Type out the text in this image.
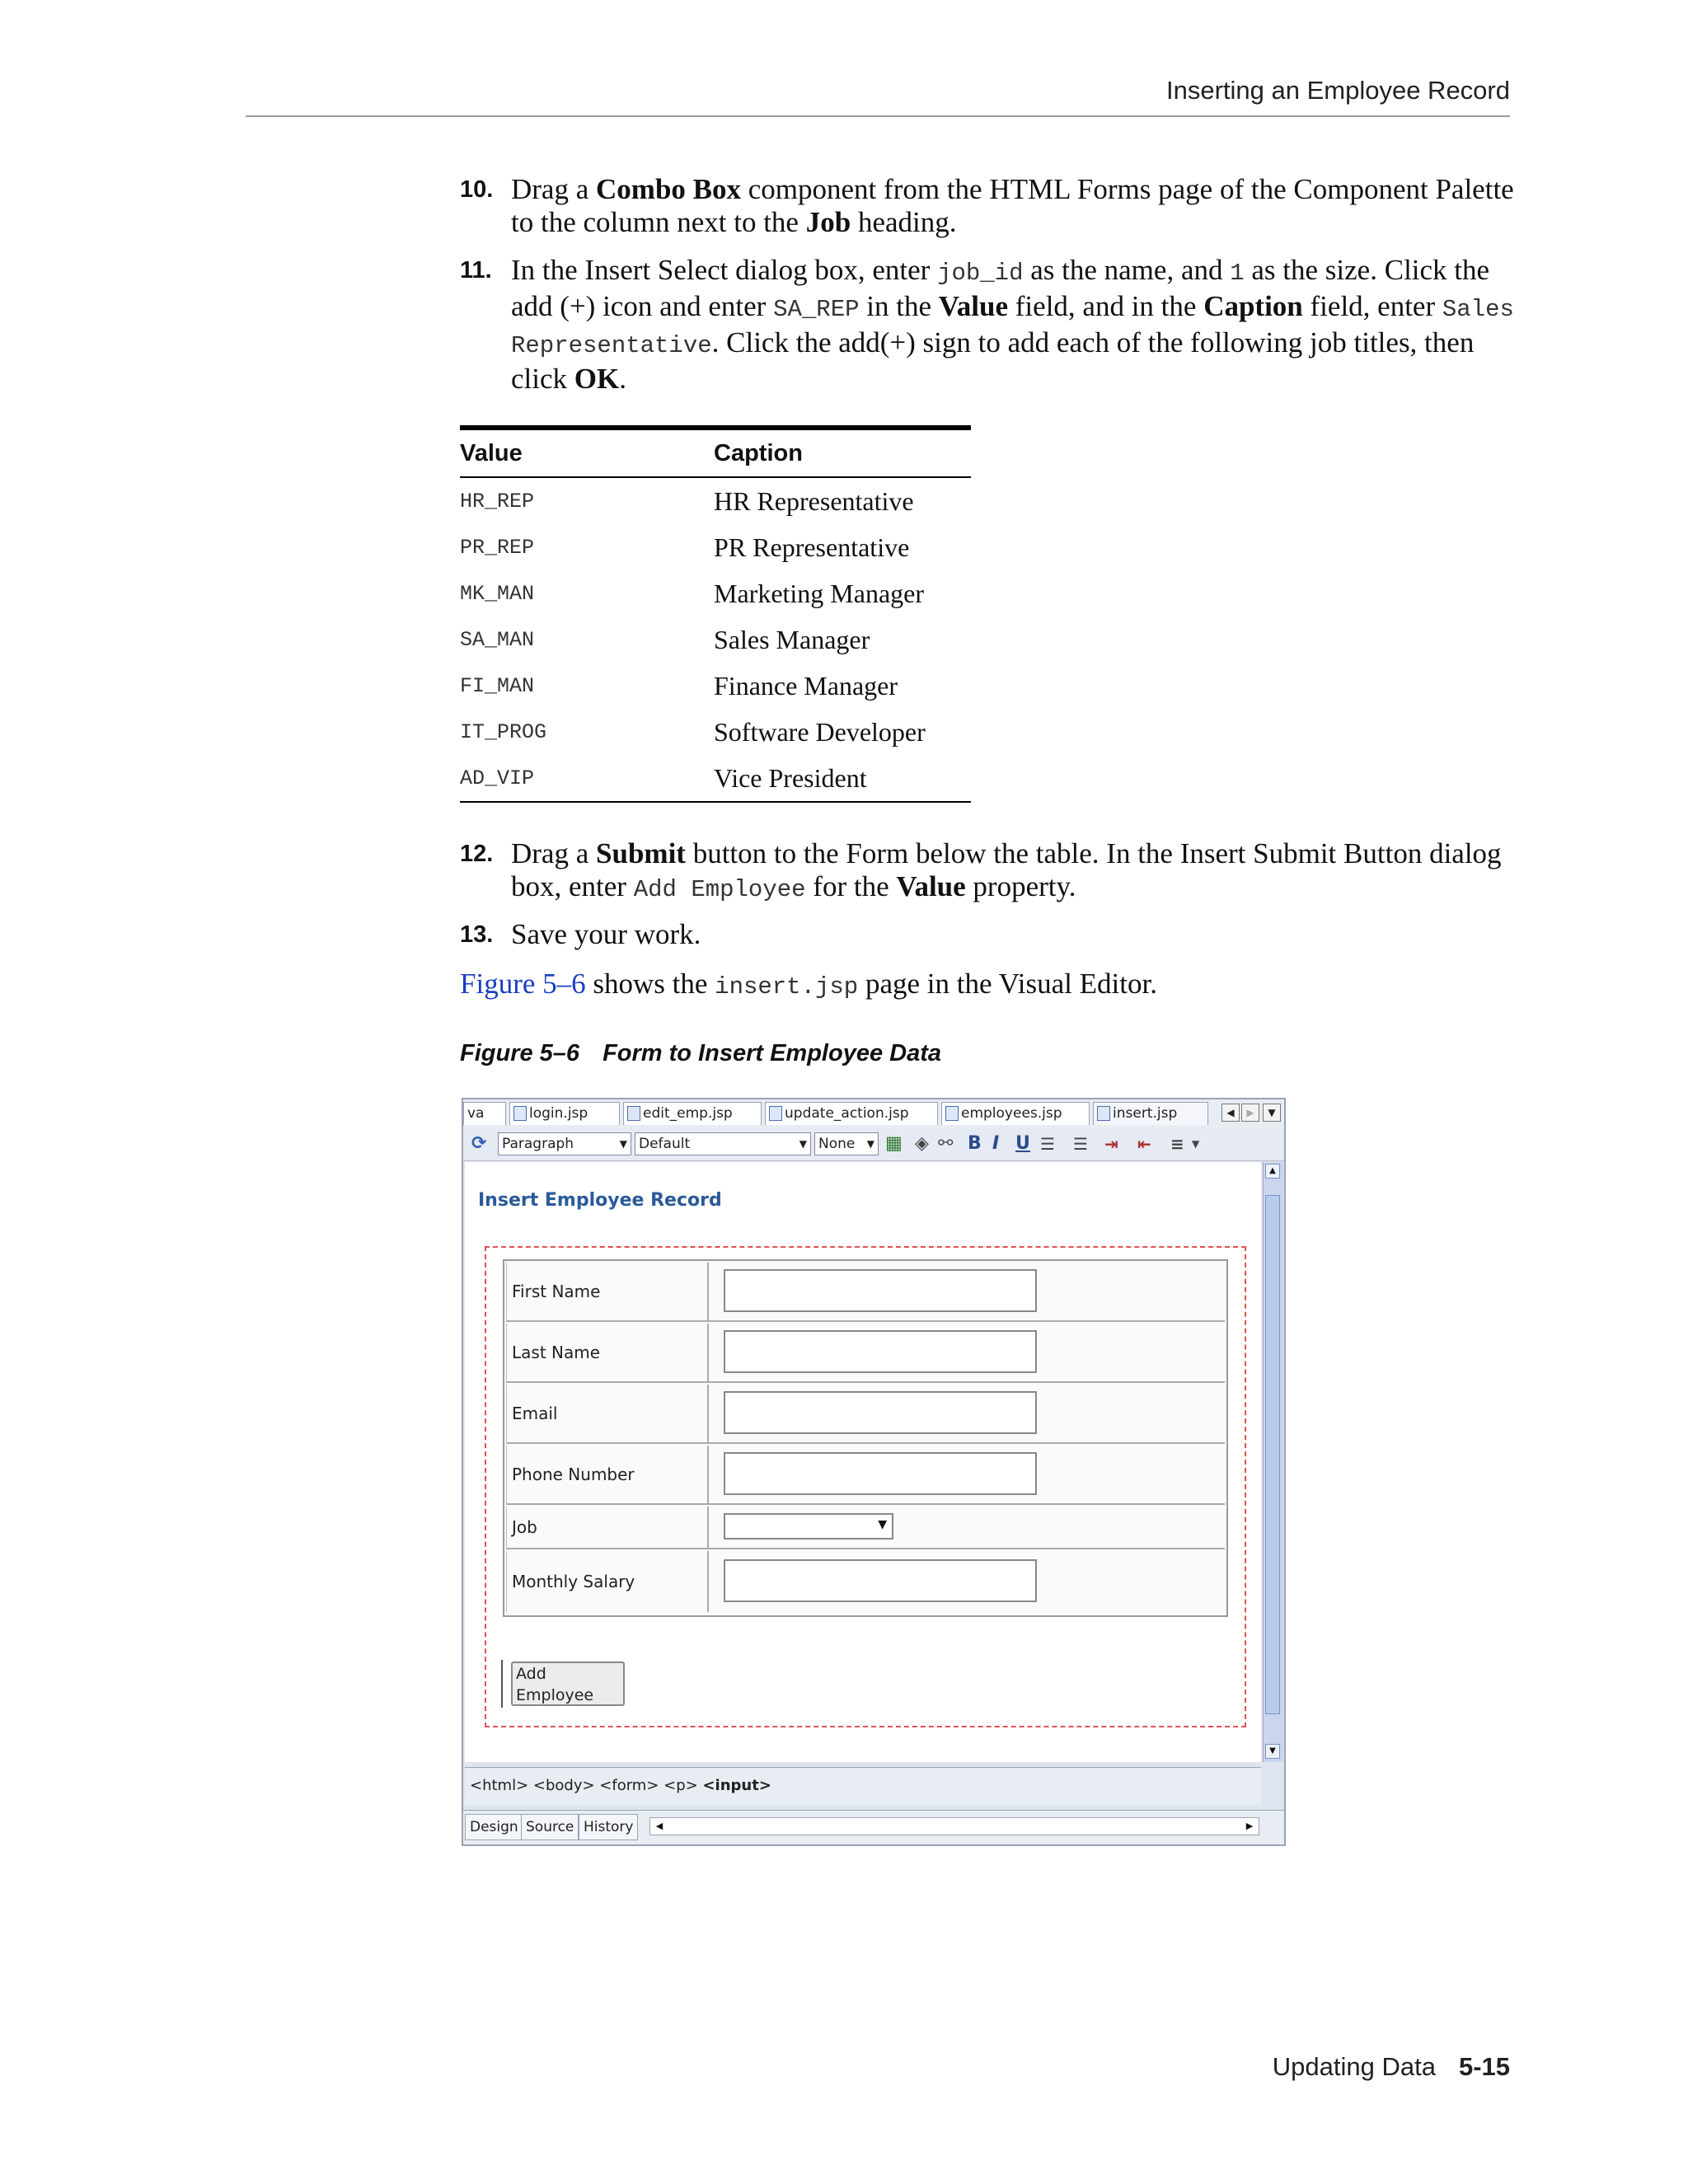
Inserting an Employee Record
10. Drag a Combo Box component from the HTML Forms page of the Component Palette to the column next to the Job heading.
11. In the Insert Select dialog box, enter job_id as the name, and 1 as the size. Click the add (+) icon and enter SA_REP in the Value field, and in the Caption field, enter Sales Representative. Click the add(+) sign to add each of the following job titles, then click OK.
Value	Caption
HR_REP	HR Representative
PR_REP	PR Representative
MK_MAN	Marketing Manager
SA_MAN	Sales Manager
FI_MAN	Finance Manager
IT_PROG	Software Developer
AD_VIP	Vice President
12. Drag a Submit button to the Form below the table. In the Insert Submit Button dialog box, enter Add Employee for the Value property.
13. Save your work.
Figure 5–6 shows the insert.jsp page in the Visual Editor.
Figure 5–6 Form to Insert Employee Data
va	login.jsp	edit_emp.jsp	update_action.jsp	employees.jsp	insert.jsp	◀	▶	▼
⟳ Paragraph	▼ Default	▼ None ▼ ▦ ◈ ⚯ B I U ☰ ☰ ⇥ ⇤ ≡ ▼
Insert Employee Record
First Name
Last Name
Email
Phone Number
Job	▼
Monthly Salary
Add Employee
▲
▼
<html> <body> <form> <p> <input>
Design Source History	◀	▶
Updating Data 5-15
